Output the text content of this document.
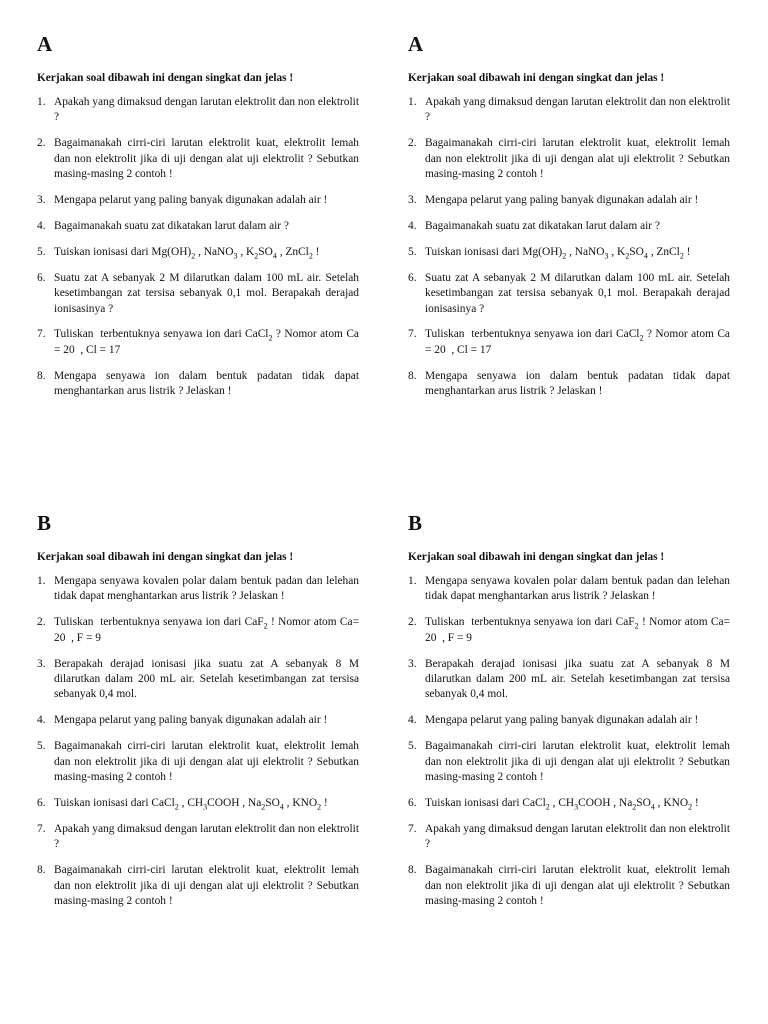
A

Kerjakan soal dibawah ini dengan singkat dan jelas !

1. Apakah yang dimaksud dengan larutan elektrolit dan non elektrolit ?
2. Bagaimanakah cirri-ciri larutan elektrolit kuat, elektrolit lemah dan non elektrolit jika di uji dengan alat uji elektrolit ? Sebutkan masing-masing 2 contoh !
3. Mengapa pelarut yang paling banyak digunakan adalah air !
4. Bagaimanakah suatu zat dikatakan larut dalam air ?
5. Tuiskan ionisasi dari $Mg(OH)_2$ , NaNO$_3$ , $K_2SO_4$ , ZnCl$_2$ !
6. Suatu zat A sebanyak 2 M dilarutkan dalam 100 mL air. Setelah kesetimbangan zat tersisa sebanyak 0,1 mol. Berapakah derajad ionisasinya ?
7. Tuliskan  terbentuknya senyawa ion dari CaCl$_2$ ? Nomor atom Ca = 20  , Cl = 17
8. Mengapa senyawa ion dalam bentuk padatan tidak dapat menghantarkan arus listrik ? Jelaskan !
A

Kerjakan soal dibawah ini dengan singkat dan jelas !

1. Apakah yang dimaksud dengan larutan elektrolit dan non elektrolit ?
2. Bagaimanakah cirri-ciri larutan elektrolit kuat, elektrolit lemah dan non elektrolit jika di uji dengan alat uji elektrolit ? Sebutkan masing-masing 2 contoh !
3. Mengapa pelarut yang paling banyak digunakan adalah air !
4. Bagaimanakah suatu zat dikatakan larut dalam air ?
5. Tuiskan ionisasi dari $Mg(OH)_2$ , NaNO$_3$ , $K_2SO_4$ , ZnCl$_2$ !
6. Suatu zat A sebanyak 2 M dilarutkan dalam 100 mL air. Setelah kesetimbangan zat tersisa sebanyak 0,1 mol. Berapakah derajad ionisasinya ?
7. Tuliskan  terbentuknya senyawa ion dari CaCl$_2$ ? Nomor atom Ca = 20  , Cl = 17
8. Mengapa senyawa ion dalam bentuk padatan tidak dapat menghantarkan arus listrik ? Jelaskan !
B

Kerjakan soal dibawah ini dengan singkat dan jelas !

1. Mengapa senyawa kovalen polar dalam bentuk padan dan lelehan tidak dapat menghantarkan arus listrik ? Jelaskan !
2. Tuliskan  terbentuknya senyawa ion dari CaF$_2$ ! Nomor atom Ca= 20  , F = 9
3. Berapakah derajad ionisasi jika suatu zat A sebanyak 8 M dilarutkan dalam 200 mL air. Setelah kesetimbangan zat tersisa sebanyak 0,4 mol.
4. Mengapa pelarut yang paling banyak digunakan adalah air !
5. Bagaimanakah cirri-ciri larutan elektrolit kuat, elektrolit lemah dan non elektrolit jika di uji dengan alat uji elektrolit ? Sebutkan masing-masing 2 contoh !
6. Tuiskan ionisasi dari CaCl$_2$ , $CH_3COOH$ , $Na_2SO_4$ , $KNO_2$ !
7. Apakah yang dimaksud dengan larutan elektrolit dan non elektrolit ?
8. Bagaimanakah cirri-ciri larutan elektrolit kuat, elektrolit lemah dan non elektrolit jika di uji dengan alat uji elektrolit ? Sebutkan masing-masing 2 contoh !
B

Kerjakan soal dibawah ini dengan singkat dan jelas !

1. Mengapa senyawa kovalen polar dalam bentuk padan dan lelehan tidak dapat menghantarkan arus listrik ? Jelaskan !
2. Tuliskan  terbentuknya senyawa ion dari CaF$_2$ ! Nomor atom Ca= 20  , F = 9
3. Berapakah derajad ionisasi jika suatu zat A sebanyak 8 M dilarutkan dalam 200 mL air. Setelah kesetimbangan zat tersisa sebanyak 0,4 mol.
4. Mengapa pelarut yang paling banyak digunakan adalah air !
5. Bagaimanakah cirri-ciri larutan elektrolit kuat, elektrolit lemah dan non elektrolit jika di uji dengan alat uji elektrolit ? Sebutkan masing-masing 2 contoh !
6. Tuiskan ionisasi dari CaCl$_2$ , $CH_3COOH$ , $Na_2SO_4$ , $KNO_2$ !
7. Apakah yang dimaksud dengan larutan elektrolit dan non elektrolit ?
8. Bagaimanakah cirri-ciri larutan elektrolit kuat, elektrolit lemah dan non elektrolit jika di uji dengan alat uji elektrolit ? Sebutkan masing-masing 2 contoh !
